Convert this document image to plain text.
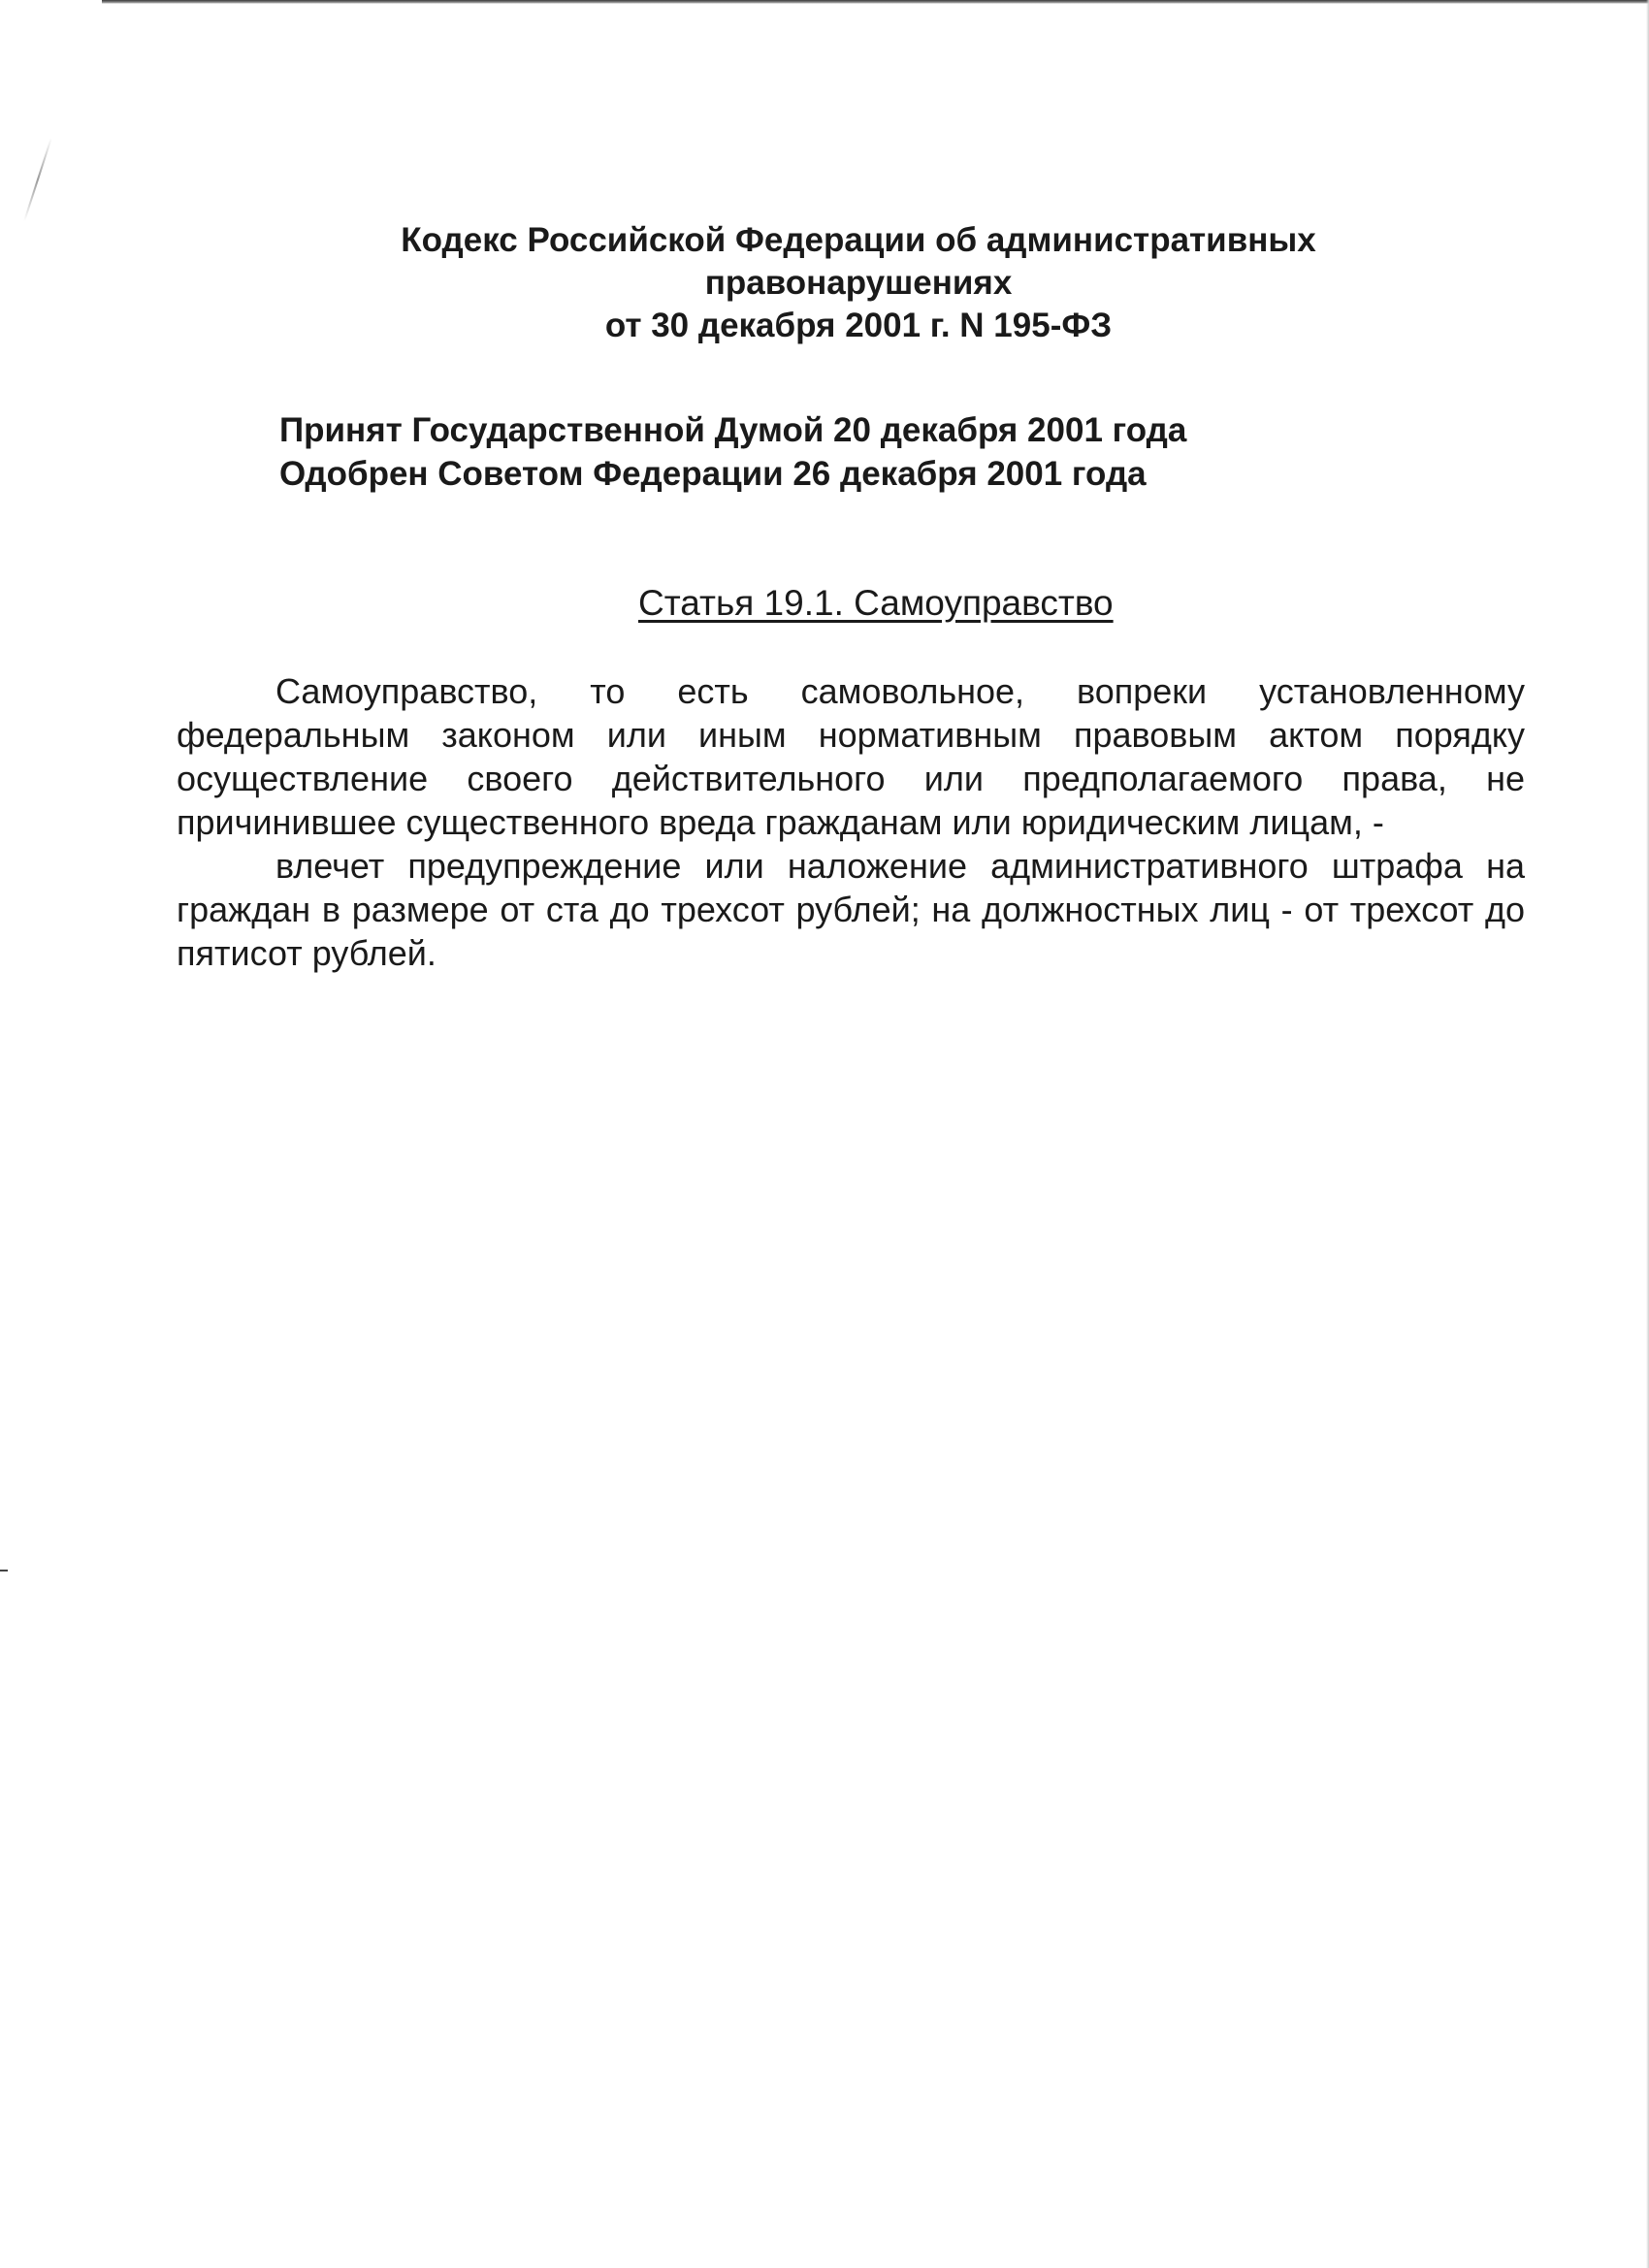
Кодекс Российской Федерации об административных
правонарушениях
от 30 декабря 2001 г. N 195-ФЗ
Принят Государственной Думой 20 декабря 2001 года
Одобрен Советом Федерации 26 декабря 2001 года
Статья 19.1. Самоуправство

Самоуправство, то есть самовольное, вопреки установленному федеральным законом или иным нормативным правовым актом порядку осуществление своего действительного или предполагаемого права, не причинившее существенного вреда гражданам или юридическим лицам, -

влечет предупреждение или наложение административного штрафа на граждан в размере от ста до трехсот рублей; на должностных лиц - от трехсот до пятисот рублей.
